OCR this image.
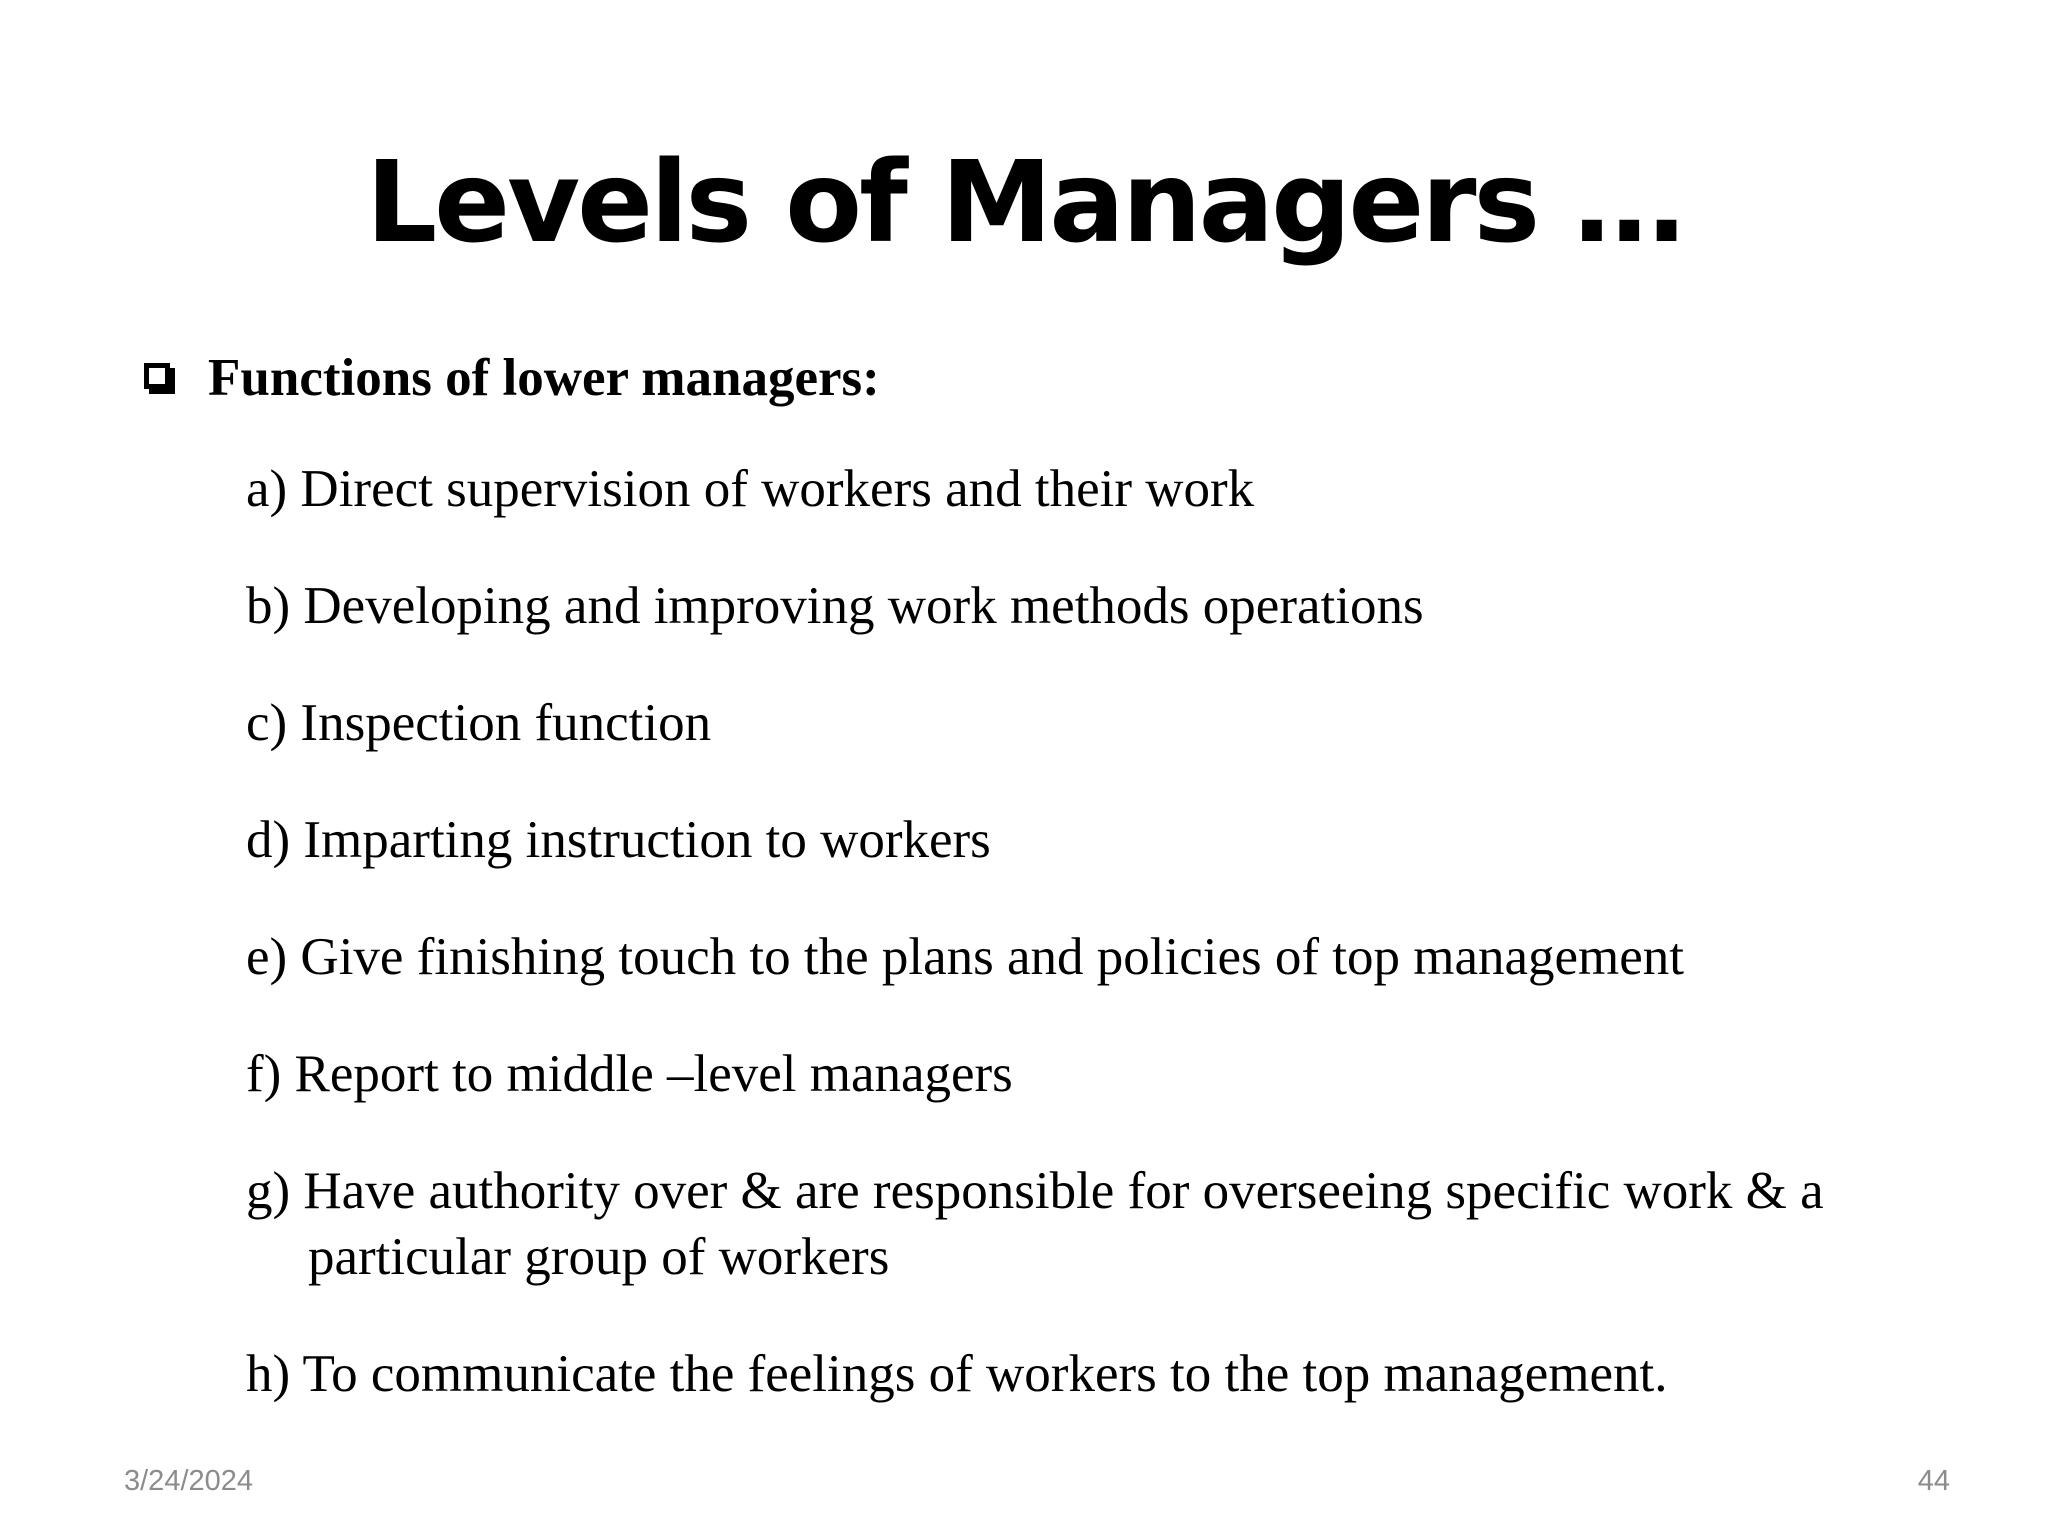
Levels of Managers …
Functions of lower managers:
a) Direct supervision of workers and their work
b) Developing and improving work methods operations
c) Inspection function
d) Imparting instruction to workers
e) Give finishing touch to the plans and policies of top management
f) Report to middle –level managers
g) Have authority over & are responsible for overseeing specific work & a particular group of workers
h) To communicate the feelings of workers to the top management.
3/24/2024	44
